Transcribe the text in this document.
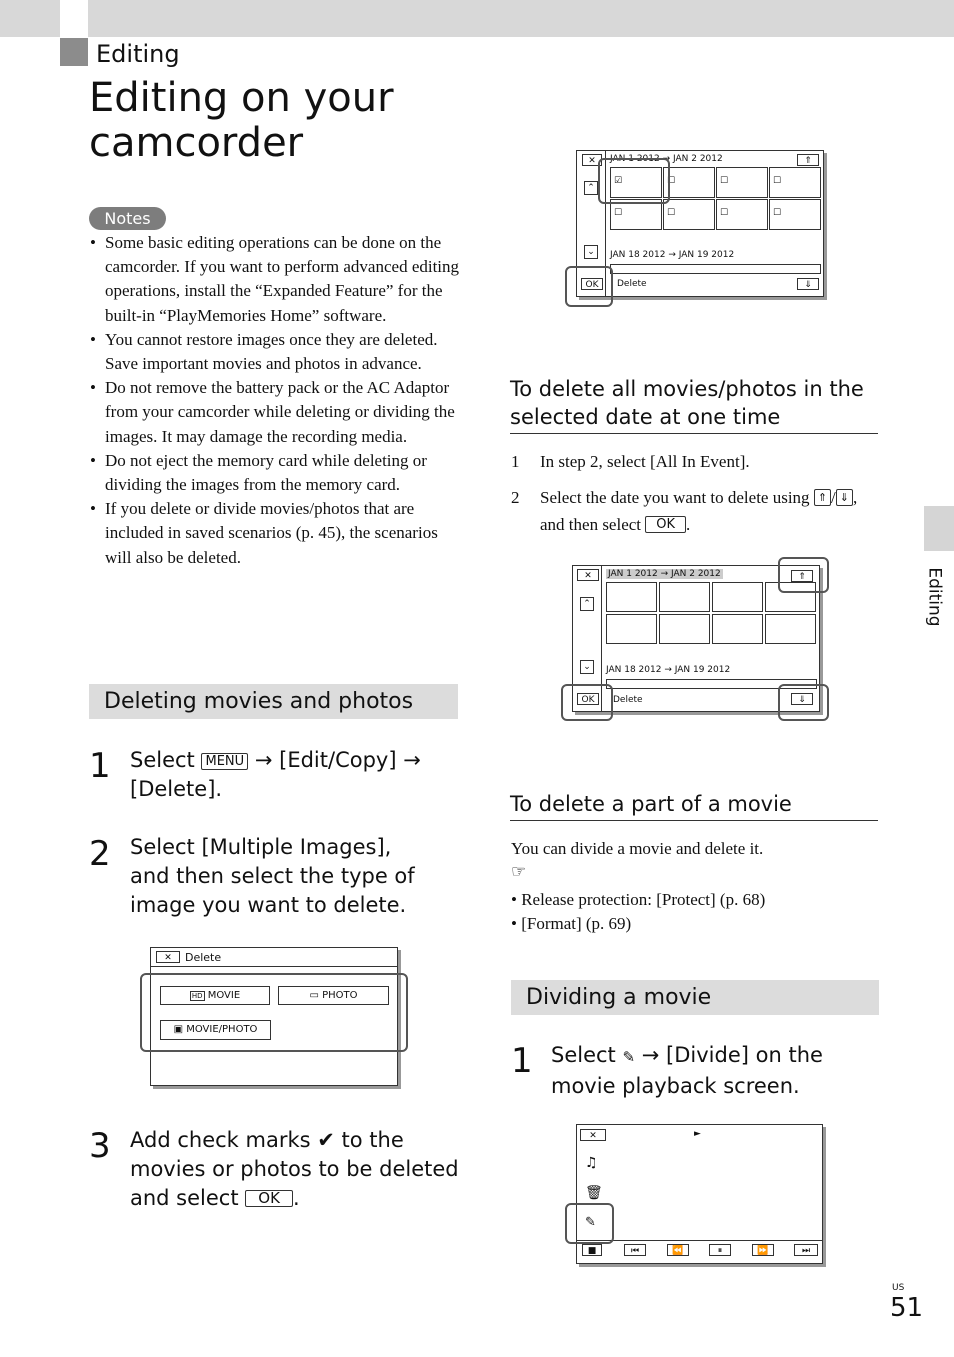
Editing
Editing on your camcorder
Notes
• Some basic editing operations can be done on the camcorder. If you want to perform advanced editing operations, install the “Expanded Feature” for the built-in “PlayMemories Home” software.
• You cannot restore images once they are deleted. Save important movies and photos in advance.
• Do not remove the battery pack or the AC Adaptor from your camcorder while deleting or dividing the images. It may damage the recording media.
• Do not eject the memory card while deleting or dividing the images from the memory card.
• If you delete or divide movies/photos that are included in saved scenarios (p. 45), the scenarios will also be deleted.
Deleting movies and photos
1 Select MENU → [Edit/Copy] → [Delete].
2 Select [Multiple Images], and then select the type of image you want to delete.
✕	Delete
HD MOVIE	▭ PHOTO
▣ MOVIE/PHOTO
3 Add check marks ✔ to the movies or photos to be deleted and select OK .
✕
⌃
⌄
OK
JAN 1 2012 → JAN 2 2012	⇑
☑	☐	☐	☐
☐	☐	☐	☐
JAN 18 2012 → JAN 19 2012
Delete	⇓
To delete all movies/photos in the selected date at one time
1 In step 2, select [All In Event].
2 Select the date you want to delete using ⇑ / ⇓ , and then select OK .
✕
⌃
⌄
OK
JAN 1 2012 → JAN 2 2012	⇑
JAN 18 2012 → JAN 19 2012
Delete	⇓
To delete a part of a movie
You can divide a movie and delete it.
☞
• Release protection: [Protect] (p. 68)
• [Format] (p. 69)
Dividing a movie
1 Select ✎ → [Divide] on the movie playback screen.
✕	►
♫
🗑
✎
■	⏮	⏪	⏸	⏩	⏭
Editing
US
51
